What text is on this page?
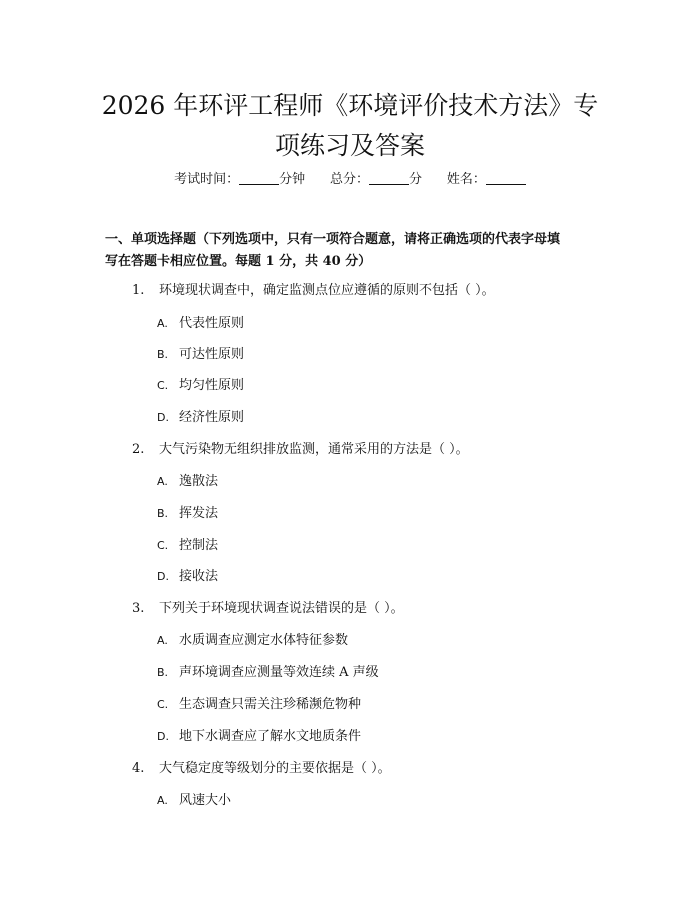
2026 年环评工程师《环境评价技术方法》专
项练习及答案
考试时间：	分钟 总分：	分 姓名：
一、单项选择题（下列选项中，只有一项符合题意，请将正确选项的代表字母填
写在答题卡相应位置。每题 1 分，共 40 分）
1. 环境现状调查中，确定监测点位应遵循的原则不包括（ ）。
A. 代表性原则
B. 可达性原则
C. 均匀性原则
D. 经济性原则
2. 大气污染物无组织排放监测，通常采用的方法是（ ）。
A. 逸散法
B. 挥发法
C. 控制法
D. 接收法
3. 下列关于环境现状调查说法错误的是（ ）。
A. 水质调查应测定水体特征参数
B. 声环境调查应测量等效连续 A 声级
C. 生态调查只需关注珍稀濒危物种
D. 地下水调查应了解水文地质条件
4. 大气稳定度等级划分的主要依据是（ ）。
A. 风速大小
